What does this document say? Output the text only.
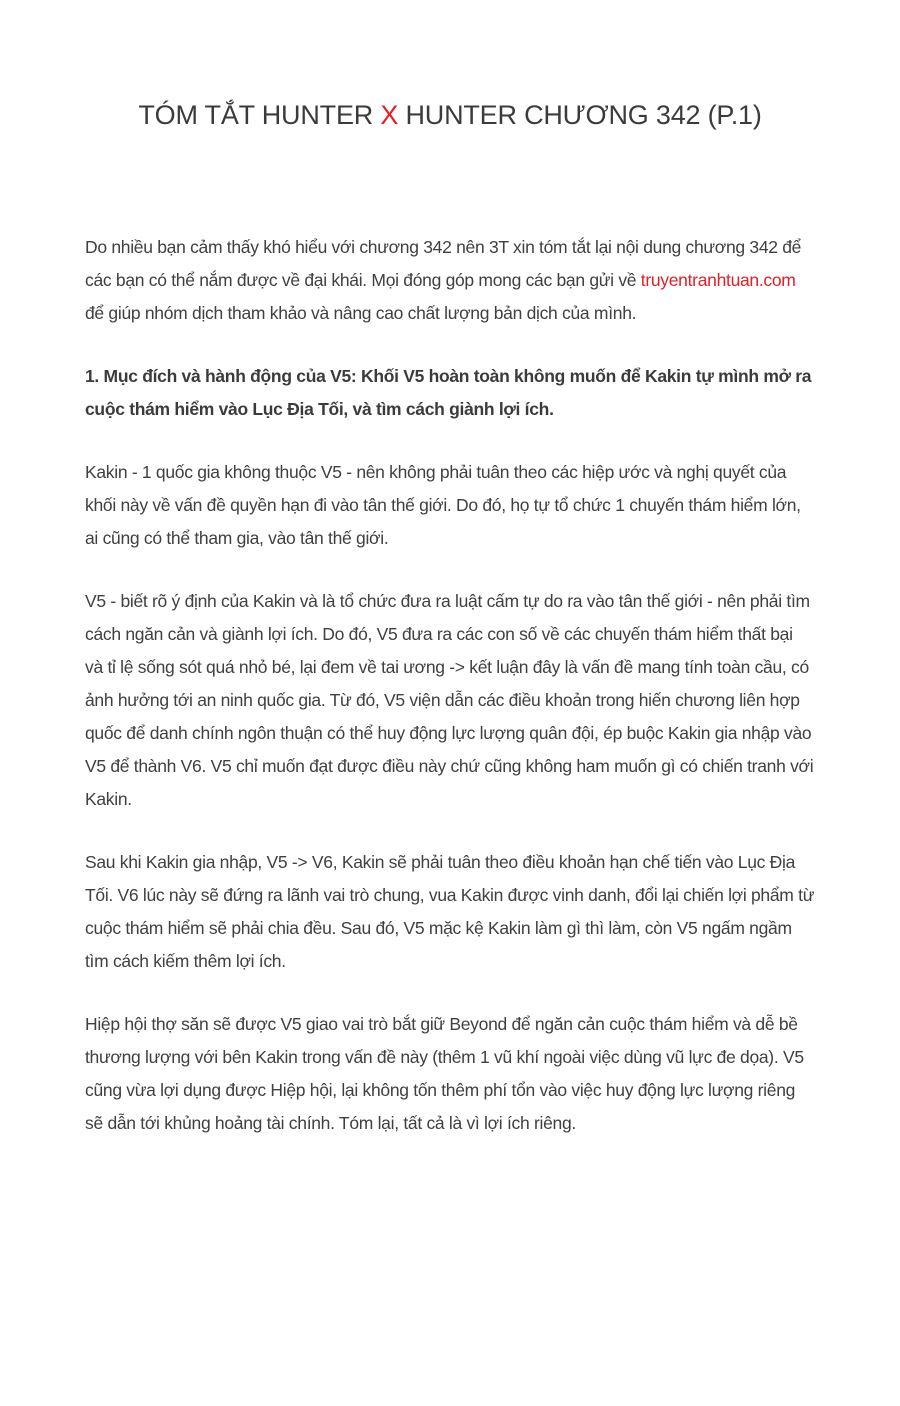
TÓM TẮT HUNTER X HUNTER CHƯƠNG 342 (P.1)

Do nhiều bạn cảm thấy khó hiểu với chương 342 nên 3T xin tóm tắt lại nội dung chương 342 để các bạn có thể nắm được về đại khái. Mọi đóng góp mong các bạn gửi về truyentranhtuan.com để giúp nhóm dịch tham khảo và nâng cao chất lượng bản dịch của mình.

1. Mục đích và hành động của V5: Khối V5 hoàn toàn không muốn để Kakin tự mình mở ra cuộc thám hiểm vào Lục Địa Tối, và tìm cách giành lợi ích.

Kakin - 1 quốc gia không thuộc V5 - nên không phải tuân theo các hiệp ước và nghị quyết của khối này về vấn đề quyền hạn đi vào tân thế giới. Do đó, họ tự tổ chức 1 chuyến thám hiểm lớn, ai cũng có thể tham gia, vào tân thế giới.

V5 - biết rõ ý định của Kakin và là tổ chức đưa ra luật cấm tự do ra vào tân thế giới - nên phải tìm cách ngăn cản và giành lợi ích. Do đó, V5 đưa ra các con số về các chuyến thám hiểm thất bại và tỉ lệ sống sót quá nhỏ bé, lại đem về tai ương -> kết luận đây là vấn đề mang tính toàn cầu, có ảnh hưởng tới an ninh quốc gia. Từ đó, V5 viện dẫn các điều khoản trong hiến chương liên hợp quốc để danh chính ngôn thuận có thể huy động lực lượng quân đội, ép buộc Kakin gia nhập vào V5 để thành V6. V5 chỉ muốn đạt được điều này chứ cũng không ham muốn gì có chiến tranh với Kakin.

Sau khi Kakin gia nhập, V5 -> V6, Kakin sẽ phải tuân theo điều khoản hạn chế tiến vào Lục Địa Tối. V6 lúc này sẽ đứng ra lãnh vai trò chung, vua Kakin được vinh danh, đổi lại chiến lợi phẩm từ cuộc thám hiểm sẽ phải chia đều. Sau đó, V5 mặc kệ Kakin làm gì thì làm, còn V5 ngấm ngầm tìm cách kiếm thêm lợi ích.

Hiệp hội thợ săn sẽ được V5 giao vai trò bắt giữ Beyond để ngăn cản cuộc thám hiểm và dễ bề thương lượng với bên Kakin trong vấn đề này (thêm 1 vũ khí ngoài việc dùng vũ lực đe dọa). V5 cũng vừa lợi dụng được Hiệp hội, lại không tốn thêm phí tổn vào việc huy động lực lượng riêng sẽ dẫn tới khủng hoảng tài chính. Tóm lại, tất cả là vì lợi ích riêng.
